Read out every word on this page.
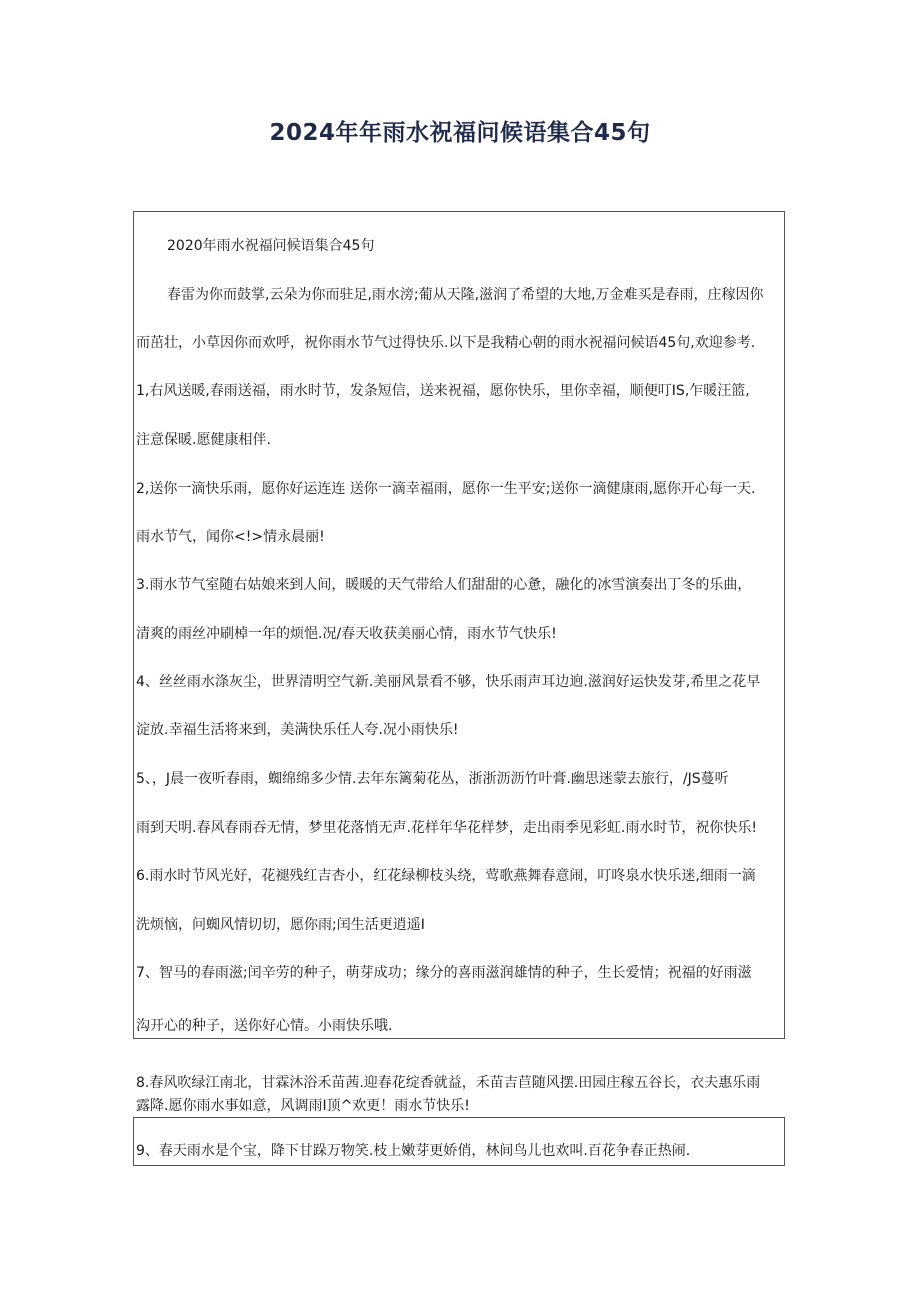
2024年年雨水祝福问候语集合45句
2020年雨水祝福问候语集合45句
春雷为你而鼓掌,云朵为你而驻足,雨水滂;葡从天隆,滋润了希望的大地,万金难买是春雨，庄稼因你
而茁壮，小草因你而欢呼，祝你雨水节气过得快乐.以下是我精心朝的雨水祝福问候语45句,欢迎参考.
1,右风送暖,春雨送福，雨水时节，发条短信，送来祝福，愿你快乐，里你幸福，顺便叮IS,乍暖汪篮,
注意保暖.愿健康相伴.
2,送你一滴快乐雨，愿你好运连连 送你一滴幸福雨，愿你一生平安;送你一滴健康雨,愿你开心每一天.
雨水节气，闻你<!>情永晨丽!
3.雨水节气室随右姑娘来到人间，暖暖的天气带给人们甜甜的心惫，融化的冰雪演奏出丁冬的乐曲，
清爽的雨丝冲刷棹一年的烦悒.况/春天收获美丽心情，雨水节气快乐!
4、丝丝雨水涤灰尘，世界清明空气新.美丽风景看不够，快乐雨声耳边逈.滋润好运快发芽,希里之花早
淀放.幸福生活将来到，美满快乐任人夸.况小雨快乐!
5、，J晨一夜听春雨，蜘绵绵多少情.去年东篱菊花丛，浙浙沥沥竹叶膏.幽思迷蒙去旅行，/JS蔓听
雨到天明.春风春雨吞无情，梦里花落悄无声.花样年华花样梦，走出雨季见彩虹.雨水时节，祝你快乐!
6.雨水时节风光好，花褪残红吉杏小，红花绿柳枝头绕，莺歌燕舞春意闹，叮咚泉水快乐迷,细雨一滴
洗烦恼，问蜘风情切切，愿你雨;闰生活更逍遥I
7、智马的春雨滋;闰辛劳的种子，萌芽成功；缘分的喜雨滋润雄情的种子，生长爱情；祝福的好雨滋
沟开心的种子，送你好心情。小雨快乐哦.
8.春风吹绿江南北，甘霖沐浴禾苗茜.迎春花绽香就益，禾苗吉苣随风摆.田园庄稼五谷长，衣夫惠乐雨
露降.愿你雨水事如意，风调雨I顶^欢更！雨水节快乐!
9、春天雨水是个宝，降下甘跺万物笑.枝上嫩芽更娇俏，林间鸟儿也欢叫.百花争春正热闹.
